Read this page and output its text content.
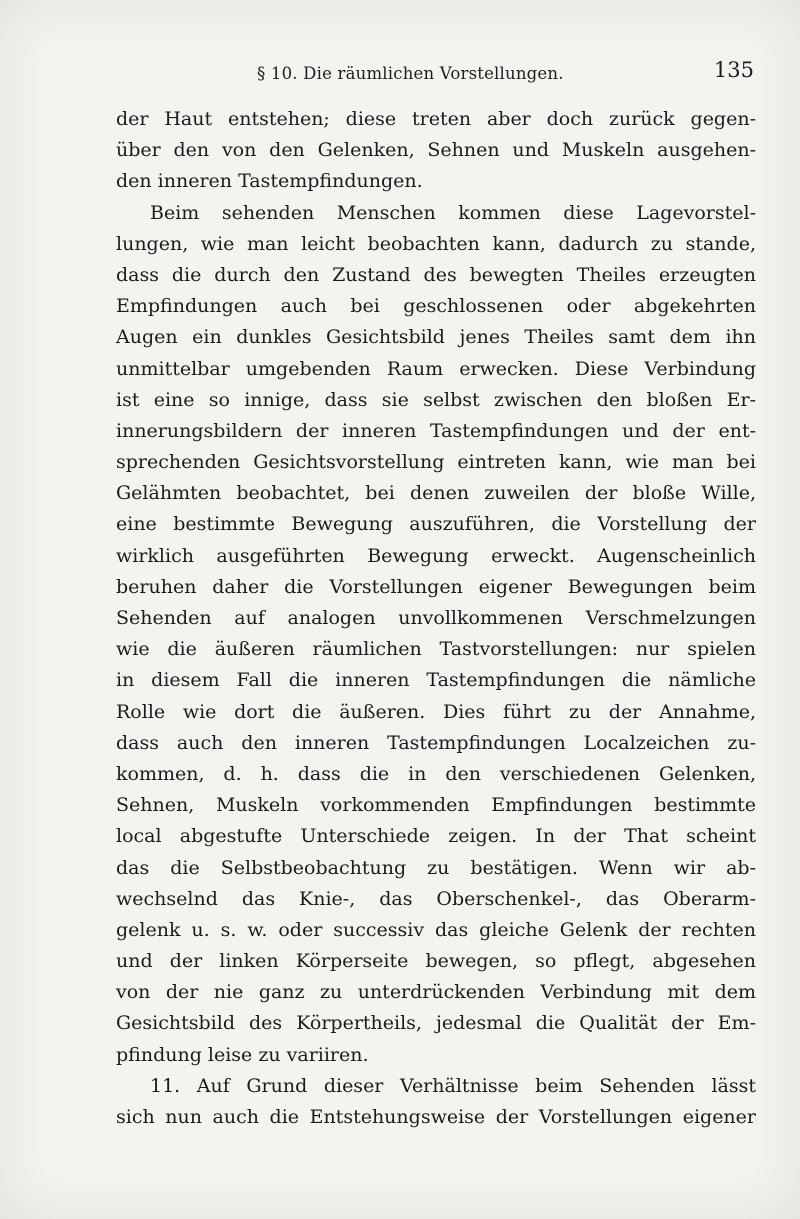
§ 10. Die räumlichen Vorstellungen.	135
der Haut entstehen; diese treten aber doch zurück gegen-
über den von den Gelenken, Sehnen und Muskeln ausgehen-
den inneren Tastempfindungen.
Beim sehenden Menschen kommen diese Lagevorstel-
lungen, wie man leicht beobachten kann, dadurch zu stande,
dass die durch den Zustand des bewegten Theiles erzeugten
Empfindungen auch bei geschlossenen oder abgekehrten
Augen ein dunkles Gesichtsbild jenes Theiles samt dem ihn
unmittelbar umgebenden Raum erwecken. Diese Verbindung
ist eine so innige, dass sie selbst zwischen den bloßen Er-
innerungsbildern der inneren Tastempfindungen und der ent-
sprechenden Gesichtsvorstellung eintreten kann, wie man bei
Gelähmten beobachtet, bei denen zuweilen der bloße Wille,
eine bestimmte Bewegung auszuführen, die Vorstellung der
wirklich ausgeführten Bewegung erweckt. Augenscheinlich
beruhen daher die Vorstellungen eigener Bewegungen beim
Sehenden auf analogen unvollkommenen Verschmelzungen
wie die äußeren räumlichen Tastvorstellungen: nur spielen
in diesem Fall die inneren Tastempfindungen die nämliche
Rolle wie dort die äußeren. Dies führt zu der Annahme,
dass auch den inneren Tastempfindungen Localzeichen zu-
kommen, d. h. dass die in den verschiedenen Gelenken,
Sehnen, Muskeln vorkommenden Empfindungen bestimmte
local abgestufte Unterschiede zeigen. In der That scheint
das die Selbstbeobachtung zu bestätigen. Wenn wir ab-
wechselnd das Knie-, das Oberschenkel-, das Oberarm-
gelenk u. s. w. oder successiv das gleiche Gelenk der rechten
und der linken Körperseite bewegen, so pflegt, abgesehen
von der nie ganz zu unterdrückenden Verbindung mit dem
Gesichtsbild des Körpertheils, jedesmal die Qualität der Em-
pfindung leise zu variiren.
11. Auf Grund dieser Verhältnisse beim Sehenden lässt
sich nun auch die Entstehungsweise der Vorstellungen eigener
